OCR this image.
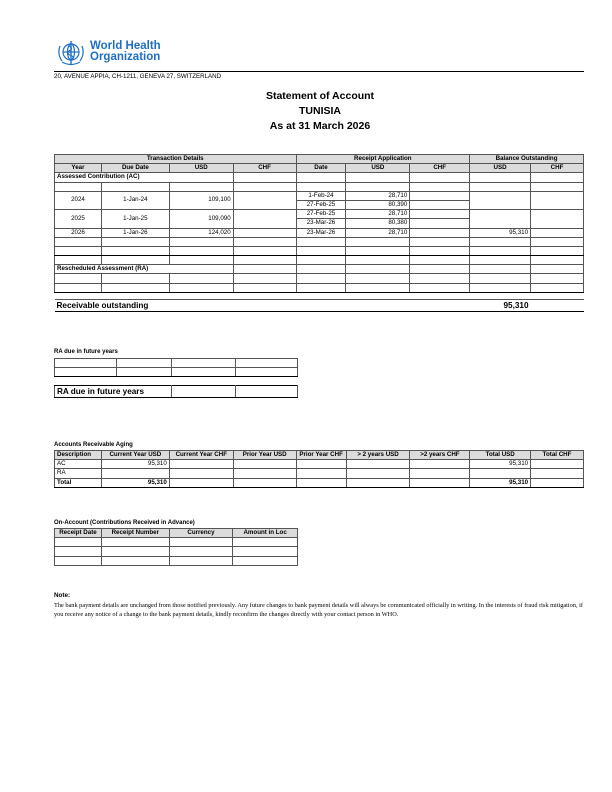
World Health
Organization
20, AVENUE APPIA, CH-1211, GENEVA 27, SWITZERLAND
Statement of Account
TUNISIA
As at 31 March 2026
Transaction Details				Receipt Application			Balance Outstanding	
Year	Due Date	USD	CHF	Date	USD	CHF	USD	CHF
Assessed Contribution (AC)								

2024	1-Jan-24	109,100		1-Feb-24	28,710			
				27-Feb-25	80,390			
2025	1-Jan-25	109,090		27-Feb-25	28,710			
				23-Mar-26	80,380			
2026	1-Jan-26	124,020		23-Mar-26	28,710		95,310	

Rescheduled Assessment (RA)								

Receivable outstanding							95,310	
RA due in future years

RA due in future years			
Accounts Receivable Aging
Description	Current Year USD	Current Year CHF	Prior Year USD	Prior Year CHF	> 2 years USD	>2 years CHF	Total USD	Total CHF
AC	95,310						95,310	
RA								
Total	95,310						95,310	
On-Account (Contributions Received in Advance)
Receipt Date	Receipt Number	Currency	Amount in Loc

Note:
The bank payment details are unchanged from those notified previously. Any future changes to bank payment details will always be communicated officially in writing. In the interests of fraud risk mitigation, if you receive any notice of a change to the bank payment details, kindly reconfirm the changes directly with your contact person in WHO.
